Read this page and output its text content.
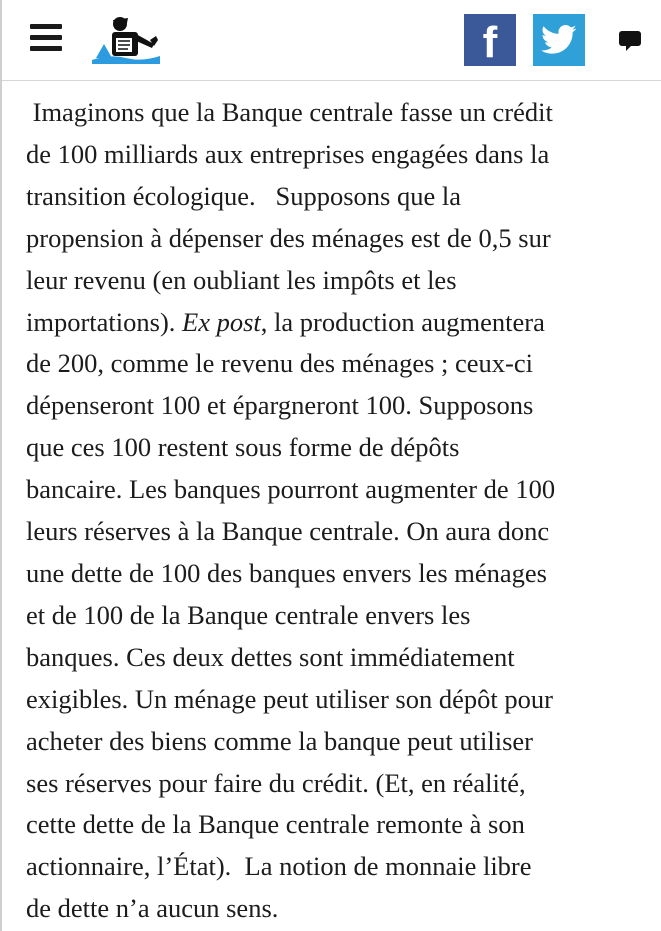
f

Imaginons que la Banque centrale fasse un crédit
de 100 milliards aux entreprises engagées dans la
transition écologique.   Supposons que la
propension à dépenser des ménages est de 0,5 sur
leur revenu (en oubliant les impôts et les
importations). Ex post, la production augmentera
de 200, comme le revenu des ménages ; ceux-ci
dépenseront 100 et épargneront 100. Supposons
que ces 100 restent sous forme de dépôts
bancaire. Les banques pourront augmenter de 100
leurs réserves à la Banque centrale. On aura donc
une dette de 100 des banques envers les ménages
et de 100 de la Banque centrale envers les
banques. Ces deux dettes sont immédiatement
exigibles. Un ménage peut utiliser son dépôt pour
acheter des biens comme la banque peut utiliser
ses réserves pour faire du crédit. (Et, en réalité,
cette dette de la Banque centrale remonte à son
actionnaire, l’État).  La notion de monnaie libre
de dette n’a aucun sens.
